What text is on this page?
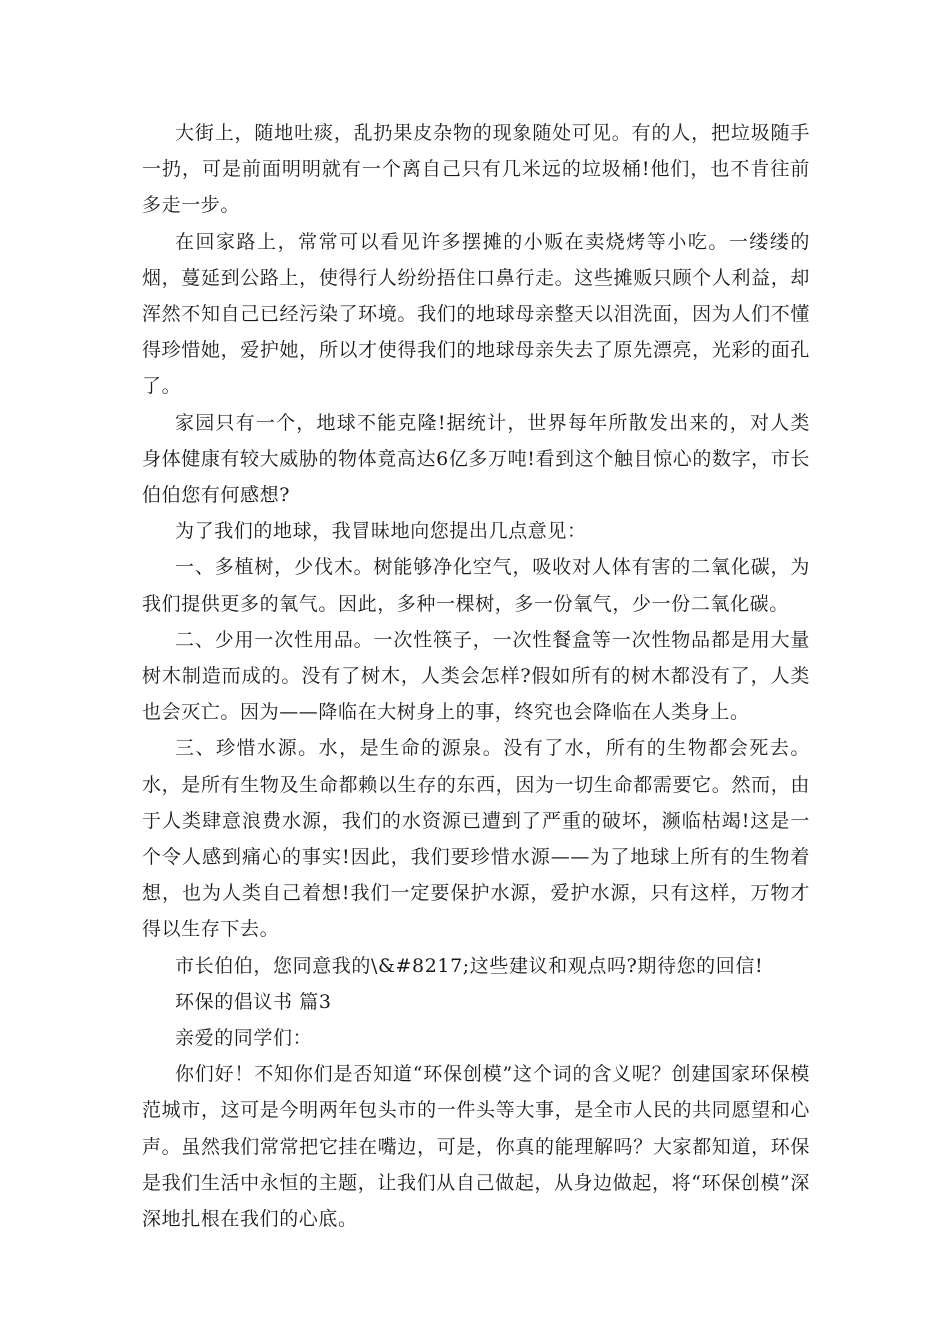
大街上，随地吐痰，乱扔果皮杂物的现象随处可见。有的人，把垃圾随手一扔，可是前面明明就有一个离自己只有几米远的垃圾桶!他们，也不肯往前多走一步。

在回家路上，常常可以看见许多摆摊的小贩在卖烧烤等小吃。一缕缕的烟，蔓延到公路上，使得行人纷纷捂住口鼻行走。这些摊贩只顾个人利益，却浑然不知自己已经污染了环境。我们的地球母亲整天以泪洗面，因为人们不懂得珍惜她，爱护她，所以才使得我们的地球母亲失去了原先漂亮，光彩的面孔了。

家园只有一个，地球不能克隆!据统计，世界每年所散发出来的，对人类身体健康有较大威胁的物体竟高达6亿多万吨!看到这个触目惊心的数字，市长伯伯您有何感想?

为了我们的地球，我冒昧地向您提出几点意见：

一、多植树，少伐木。树能够净化空气，吸收对人体有害的二氧化碳，为我们提供更多的氧气。因此，多种一棵树，多一份氧气，少一份二氧化碳。

二、少用一次性用品。一次性筷子，一次性餐盒等一次性物品都是用大量树木制造而成的。没有了树木，人类会怎样?假如所有的树木都没有了，人类也会灭亡。因为——降临在大树身上的事，终究也会降临在人类身上。

三、珍惜水源。水，是生命的源泉。没有了水，所有的生物都会死去。水，是所有生物及生命都赖以生存的东西，因为一切生命都需要它。然而，由于人类肆意浪费水源，我们的水资源已遭到了严重的破坏，濒临枯竭!这是一个令人感到痛心的事实!因此，我们要珍惜水源——为了地球上所有的生物着想，也为人类自己着想!我们一定要保护水源，爱护水源，只有这样，万物才得以生存下去。

市长伯伯，您同意我的\&#8217;这些建议和观点吗?期待您的回信!

环保的倡议书 篇3

亲爱的同学们：

你们好！不知你们是否知道“环保创模”这个词的含义呢？创建国家环保模范城市，这可是今明两年包头市的一件头等大事，是全市人民的共同愿望和心声。虽然我们常常把它挂在嘴边，可是，你真的能理解吗？大家都知道，环保是我们生活中永恒的主题，让我们从自己做起，从身边做起，将“环保创模”深深地扎根在我们的心底。
